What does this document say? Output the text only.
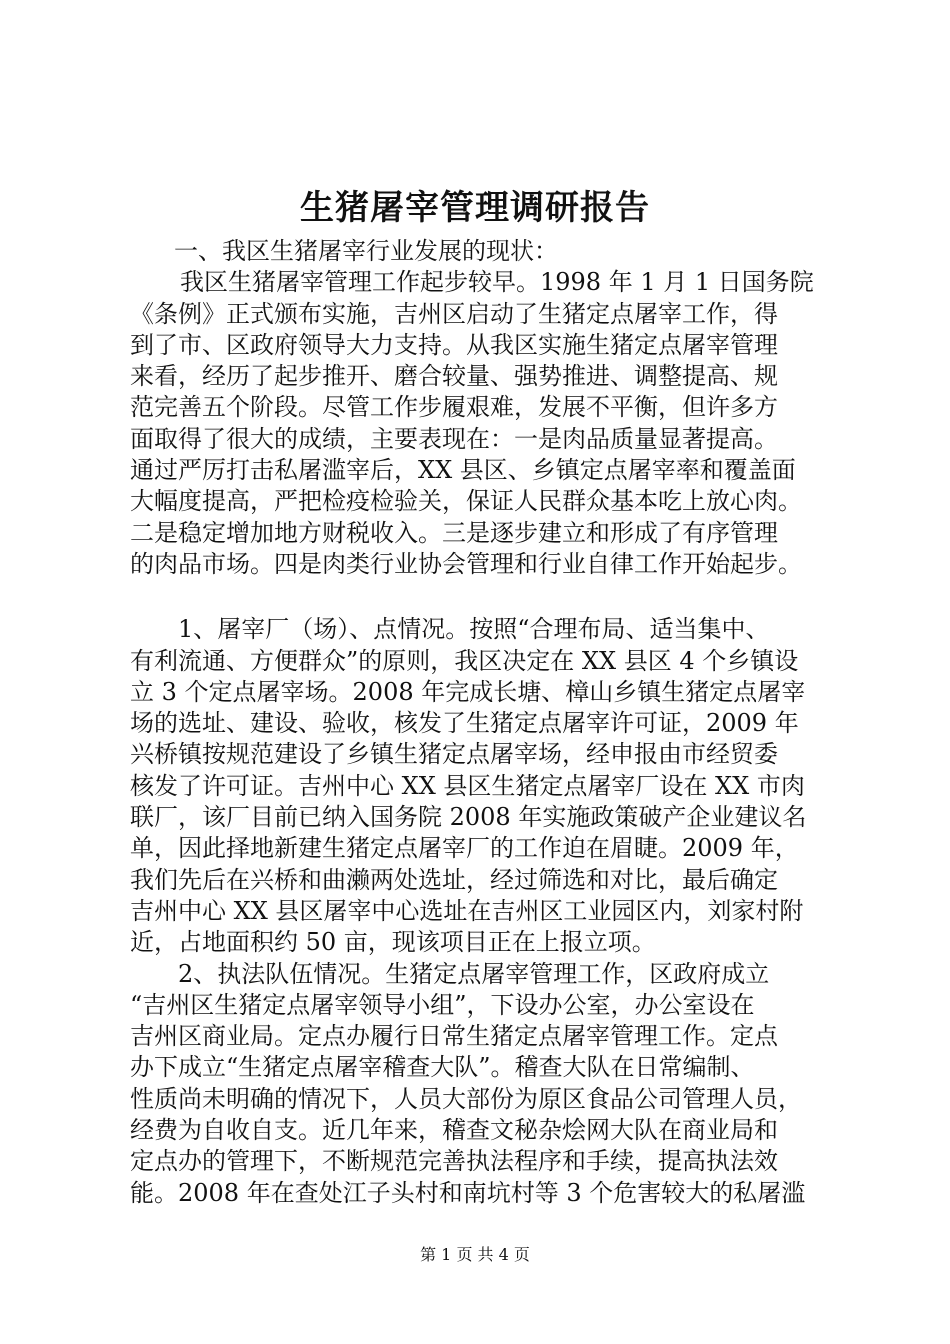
生猪屠宰管理调研报告
一、我区生猪屠宰行业发展的现状：
我区生猪屠宰管理工作起步较早。1998 年 1 月 1 日国务院
《条例》正式颁布实施，吉州区启动了生猪定点屠宰工作，得
到了市、区政府领导大力支持。从我区实施生猪定点屠宰管理
来看，经历了起步推开、磨合较量、强势推进、调整提高、规
范完善五个阶段。尽管工作步履艰难，发展不平衡，但许多方
面取得了很大的成绩，主要表现在：一是肉品质量显著提高。
通过严厉打击私屠滥宰后，XX 县区、乡镇定点屠宰率和覆盖面
大幅度提高，严把检疫检验关，保证人民群众基本吃上放心肉。
二是稳定增加地方财税收入。三是逐步建立和形成了有序管理
的肉品市场。四是肉类行业协会管理和行业自律工作开始起步。
1、屠宰厂（场）、点情况。按照“合理布局、适当集中、
有利流通、方便群众”的原则，我区决定在 XX 县区 4 个乡镇设
立 3 个定点屠宰场。2008 年完成长塘、樟山乡镇生猪定点屠宰
场的选址、建设、验收，核发了生猪定点屠宰许可证，2009 年
兴桥镇按规范建设了乡镇生猪定点屠宰场，经申报由市经贸委
核发了许可证。吉州中心 XX 县区生猪定点屠宰厂设在 XX 市肉
联厂，该厂目前已纳入国务院 2008 年实施政策破产企业建议名
单，因此择地新建生猪定点屠宰厂的工作迫在眉睫。2009 年，
我们先后在兴桥和曲濑两处选址，经过筛选和对比，最后确定
吉州中心 XX 县区屠宰中心选址在吉州区工业园区内，刘家村附
近，占地面积约 50 亩，现该项目正在上报立项。
2、执法队伍情况。生猪定点屠宰管理工作，区政府成立
“吉州区生猪定点屠宰领导小组”，下设办公室，办公室设在
吉州区商业局。定点办履行日常生猪定点屠宰管理工作。定点
办下成立“生猪定点屠宰稽查大队”。稽查大队在日常编制、
性质尚未明确的情况下，人员大部份为原区食品公司管理人员，
经费为自收自支。近几年来，稽查文秘杂烩网大队在商业局和
定点办的管理下，不断规范完善执法程序和手续，提高执法效
能。2008 年在查处江子头村和南坑村等 3 个危害较大的私屠滥
第 1 页 共 4 页
